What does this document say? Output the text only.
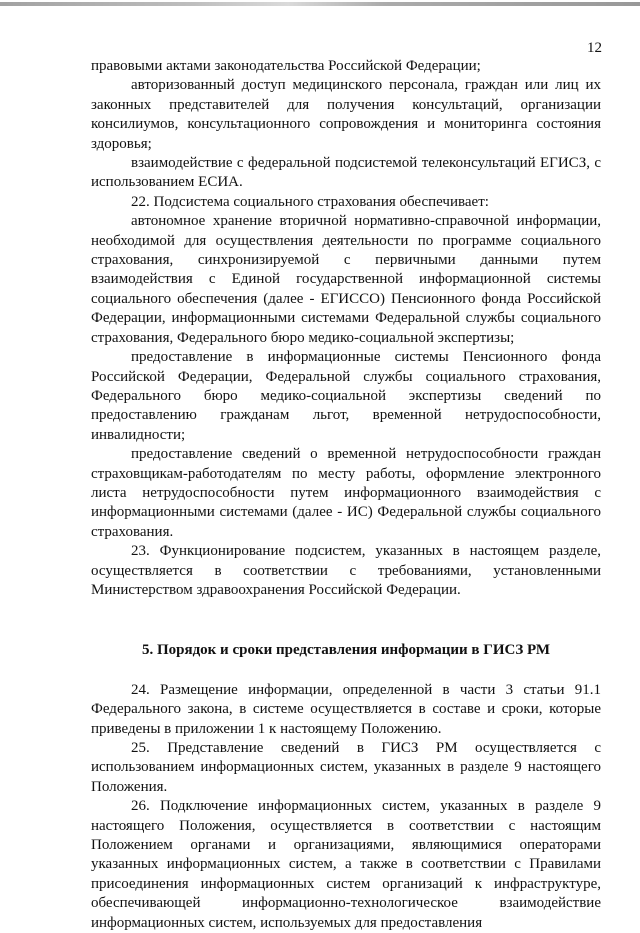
12

правовыми актами законодательства Российской Федерации;

авторизованный доступ медицинского персонала, граждан или лиц их законных представителей для получения консультаций, организации консилиумов, консультационного сопровождения и мониторинга состояния здоровья;

взаимодействие с федеральной подсистемой телеконсультаций ЕГИСЗ, с использованием ЕСИА.

22. Подсистема социального страхования обеспечивает:

автономное хранение вторичной нормативно-справочной информации, необходимой для осуществления деятельности по программе социального страхования, синхронизируемой с первичными данными путем взаимодействия с Единой государственной информационной системы социального обеспечения (далее - ЕГИССО) Пенсионного фонда Российской Федерации, информационными системами Федеральной службы социального страхования, Федерального бюро медико-социальной экспертизы;

предоставление в информационные системы Пенсионного фонда Российской Федерации, Федеральной службы социального страхования, Федерального бюро медико-социальной экспертизы сведений по предоставлению гражданам льгот, временной нетрудоспособности, инвалидности;

предоставление сведений о временной нетрудоспособности граждан страховщикам-работодателям по месту работы, оформление электронного листа нетрудоспособности путем информационного взаимодействия с информационными системами (далее - ИС) Федеральной службы социального страхования.

23. Функционирование подсистем, указанных в настоящем разделе, осуществляется в соответствии с требованиями, установленными Министерством здравоохранения Российской Федерации.

5. Порядок и сроки представления информации в ГИСЗ РМ

24. Размещение информации, определенной в части 3 статьи 91.1 Федерального закона, в системе осуществляется в составе и сроки, которые приведены в приложении 1 к настоящему Положению.

25. Представление сведений в ГИСЗ РМ осуществляется с использованием информационных систем, указанных в разделе 9 настоящего Положения.

26. Подключение информационных систем, указанных в разделе 9 настоящего Положения, осуществляется в соответствии с настоящим Положением органами и организациями, являющимися операторами указанных информационных систем, а также в соответствии с Правилами присоединения информационных систем организаций к инфраструктуре, обеспечивающей информационно-технологическое взаимодействие информационных систем, используемых для предоставления
